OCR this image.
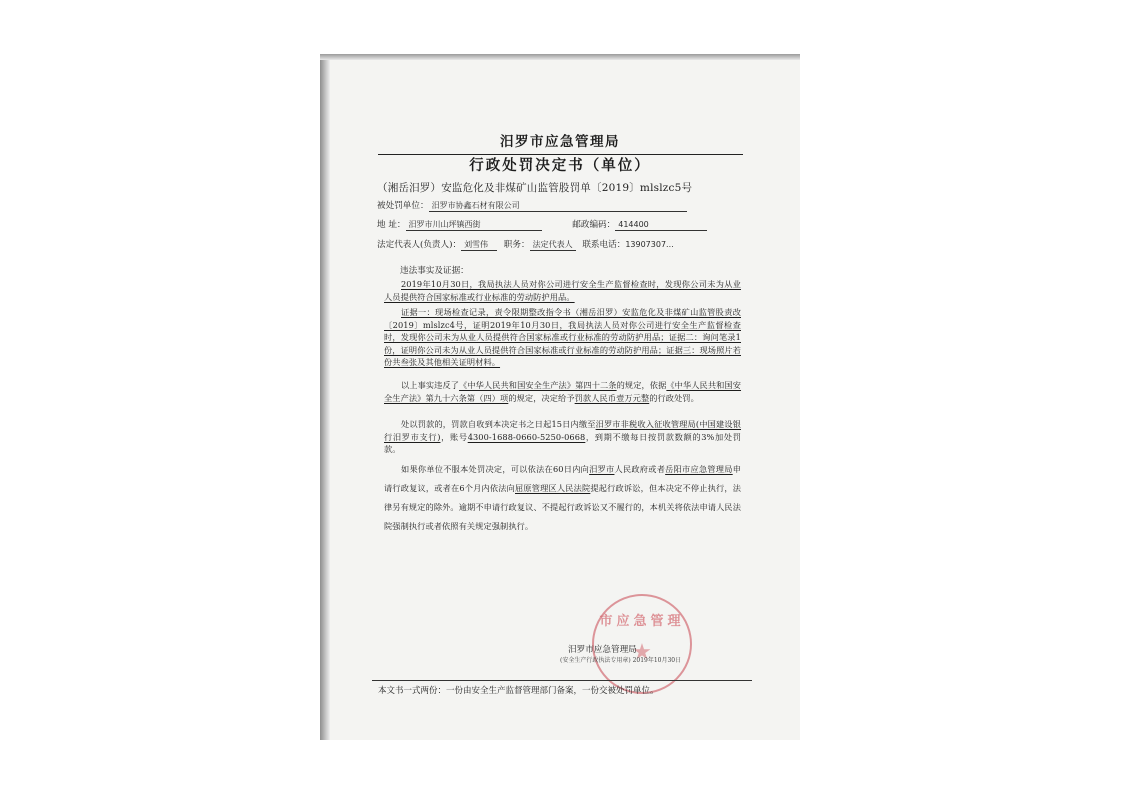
汨罗市应急管理局
行政处罚决定书（单位）
（湘岳汨罗）安监危化及非煤矿山监管股罚单〔2019〕mlslzc5号
被处罚单位： 汨罗市协鑫石材有限公司
地 址： 汨罗市川山坪镇西街	邮政编码： 414400
法定代表人(负责人)： 刘雪伟 职务： 法定代表人 联系电话：13907307...
违法事实及证据：

2019年10月30日，我局执法人员对你公司进行安全生产监督检查时，发现你公司未为从业人员提供符合国家标准或行业标准的劳动防护用品。

证据一：现场检查记录，责令限期整改指令书（湘岳汨罗）安监危化及非煤矿山监管股责改〔2019〕mlslzc4号，证明2019年10月30日，我局执法人员对你公司进行安全生产监督检查时，发现你公司未为从业人员提供符合国家标准或行业标准的劳动防护用品；证据二：询问笔录1份，证明你公司未为从业人员提供符合国家标准或行业标准的劳动防护用品；证据三：现场照片若份共叁张及其他相关证明材料。

以上事实违反了《中华人民共和国安全生产法》第四十二条的规定，依据《中华人民共和国安全生产法》第九十六条第（四）项的规定，决定给予罚款人民币壹万元整的行政处罚。

处以罚款的，罚款自收到本决定书之日起15日内缴至汨罗市非税收入征收管理局(中国建设银行汨罗市支行)，账号4300-1688-0660-5250-0668，到期不缴每日按罚款数额的3%加处罚款。

如果你单位不服本处罚决定，可以依法在60日内向汨罗市人民政府或者岳阳市应急管理局申请行政复议，或者在6个月内依法向屈原管理区人民法院提起行政诉讼，但本决定不停止执行，法律另有规定的除外。逾期不申请行政复议、不提起行政诉讼又不履行的，本机关将依法申请人民法院强制执行或者依照有关规定强制执行。

市应急管理
★
汨罗市应急管理局
(安全生产行政执法专用章) 2019年10月30日
本文书一式两份：一份由安全生产监督管理部门备案，一份交被处罚单位。
